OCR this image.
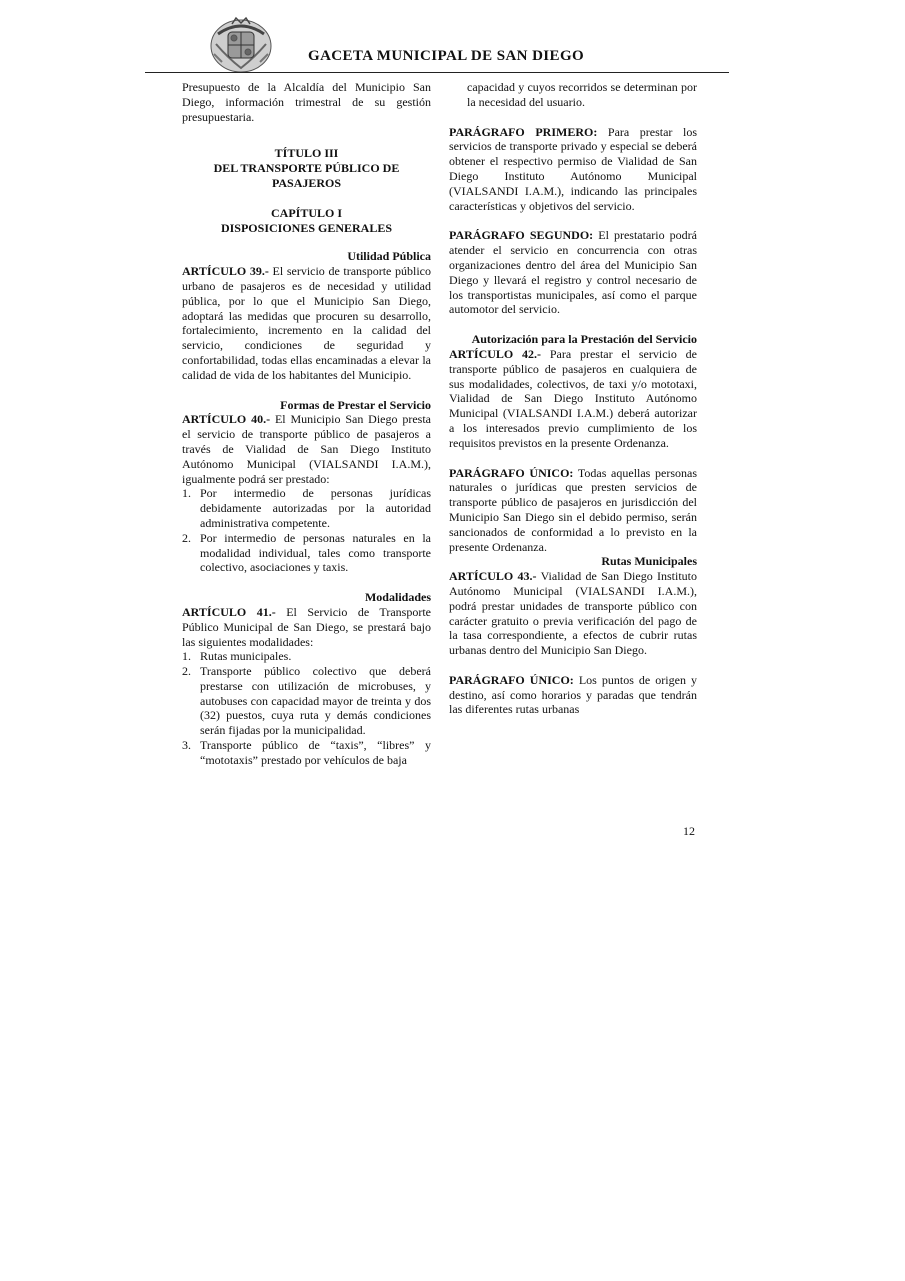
GACETA MUNICIPAL DE SAN DIEGO

Presupuesto de la Alcaldía del Municipio San Diego, información trimestral de su gestión presupuestaria.

TÍTULO III

DEL TRANSPORTE PÚBLICO DE PASAJEROS

CAPÍTULO I

DISPOSICIONES GENERALES

Utilidad Pública

ARTÍCULO 39.- El servicio de transporte público urbano de pasajeros es de necesidad y utilidad pública, por lo que el Municipio San Diego, adoptará las medidas que procuren su desarrollo, fortalecimiento, incremento en la calidad del servicio, condiciones de seguridad y confortabilidad, todas ellas encaminadas a elevar la calidad de vida de los habitantes del Municipio.

Formas de Prestar el Servicio

ARTÍCULO 40.- El Municipio San Diego presta el servicio de transporte público de pasajeros a través de Vialidad de San Diego Instituto Autónomo Municipal (VIALSANDI I.A.M.), igualmente podrá ser prestado:

1. Por intermedio de personas jurídicas debidamente autorizadas por la autoridad administrativa competente.
2. Por intermedio de personas naturales en la modalidad individual, tales como transporte colectivo, asociaciones y taxis.

Modalidades

ARTÍCULO 41.- El Servicio de Transporte Público Municipal de San Diego, se prestará bajo las siguientes modalidades:

1. Rutas municipales.
2. Transporte público colectivo que deberá prestarse con utilización de microbuses, y autobuses con capacidad mayor de treinta y dos (32) puestos, cuya ruta y demás condiciones serán fijadas por la municipalidad.
3. Transporte público de “taxis”, “libres” y “mototaxis” prestado por vehículos de baja

capacidad y cuyos recorridos se determinan por la necesidad del usuario.

PARÁGRAFO PRIMERO: Para prestar los servicios de transporte privado y especial se deberá obtener el respectivo permiso de Vialidad de San Diego Instituto Autónomo Municipal (VIALSANDI I.A.M.), indicando las principales características y objetivos del servicio.

PARÁGRAFO SEGUNDO: El prestatario podrá atender el servicio en concurrencia con otras organizaciones dentro del área del Municipio San Diego y llevará el registro y control necesario de los transportistas municipales, así como el parque automotor del servicio.

Autorización para la Prestación del Servicio

ARTÍCULO 42.- Para prestar el servicio de transporte público de pasajeros en cualquiera de sus modalidades, colectivos, de taxi y/o mototaxi, Vialidad de San Diego Instituto Autónomo Municipal (VIALSANDI I.A.M.) deberá autorizar a los interesados previo cumplimiento de los requisitos previstos en la presente Ordenanza.

PARÁGRAFO ÚNICO: Todas aquellas personas naturales o jurídicas que presten servicios de transporte público de pasajeros en jurisdicción del Municipio San Diego sin el debido permiso, serán sancionados de conformidad a lo previsto en la presente Ordenanza.

Rutas Municipales

ARTÍCULO 43.- Vialidad de San Diego Instituto Autónomo Municipal (VIALSANDI I.A.M.), podrá prestar unidades de transporte público con carácter gratuito o previa verificación del pago de la tasa correspondiente, a efectos de cubrir rutas urbanas dentro del Municipio San Diego.

PARÁGRAFO ÚNICO: Los puntos de origen y destino, así como horarios y paradas que tendrán las diferentes rutas urbanas

12
